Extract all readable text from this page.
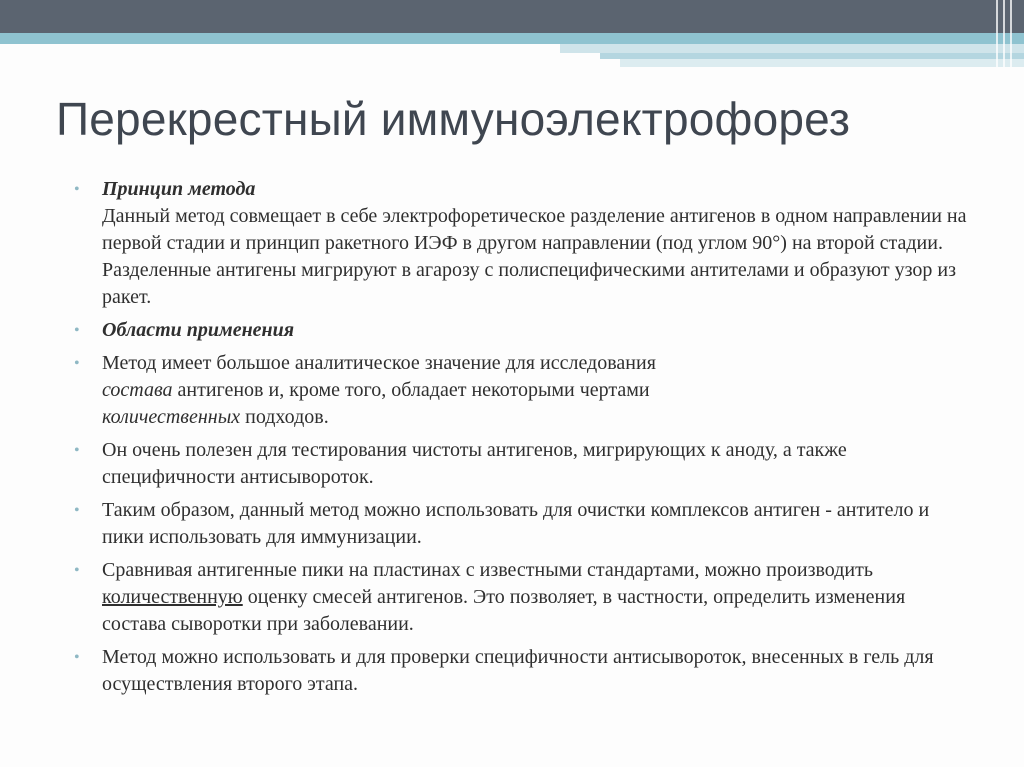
Перекрестный иммуноэлектрофорез
•	Принцип метода
Данный метод совмещает в себе электрофоретическое разделение антигенов в одном направлении на первой стадии и принцип ракетного ИЭФ в другом направлении (под углом 90°) на второй стадии. Разделенные антигены мигрируют в агарозу с полиспецифическими антителами и образуют узор из ракет.
•	Области применения
•	Метод имеет большое аналитическое значение для исследования
состава антигенов и, кроме того, обладает некоторыми чертами
количественных подходов.
•	Он очень полезен для тестирования чистоты антигенов, мигрирующих к аноду, а также специфичности антисывороток.
•	Таким образом, данный метод можно использовать для очистки комплексов антиген - антитело и пики использовать для иммунизации.
•	Сравнивая антигенные пики на пластинах с известными стандартами, можно производить количественную оценку смесей антигенов. Это позволяет, в частности, определить изменения состава сыворотки при заболевании.
•	Метод можно использовать и для проверки специфичности антисывороток, внесенных в гель для осуществления второго этапа.
